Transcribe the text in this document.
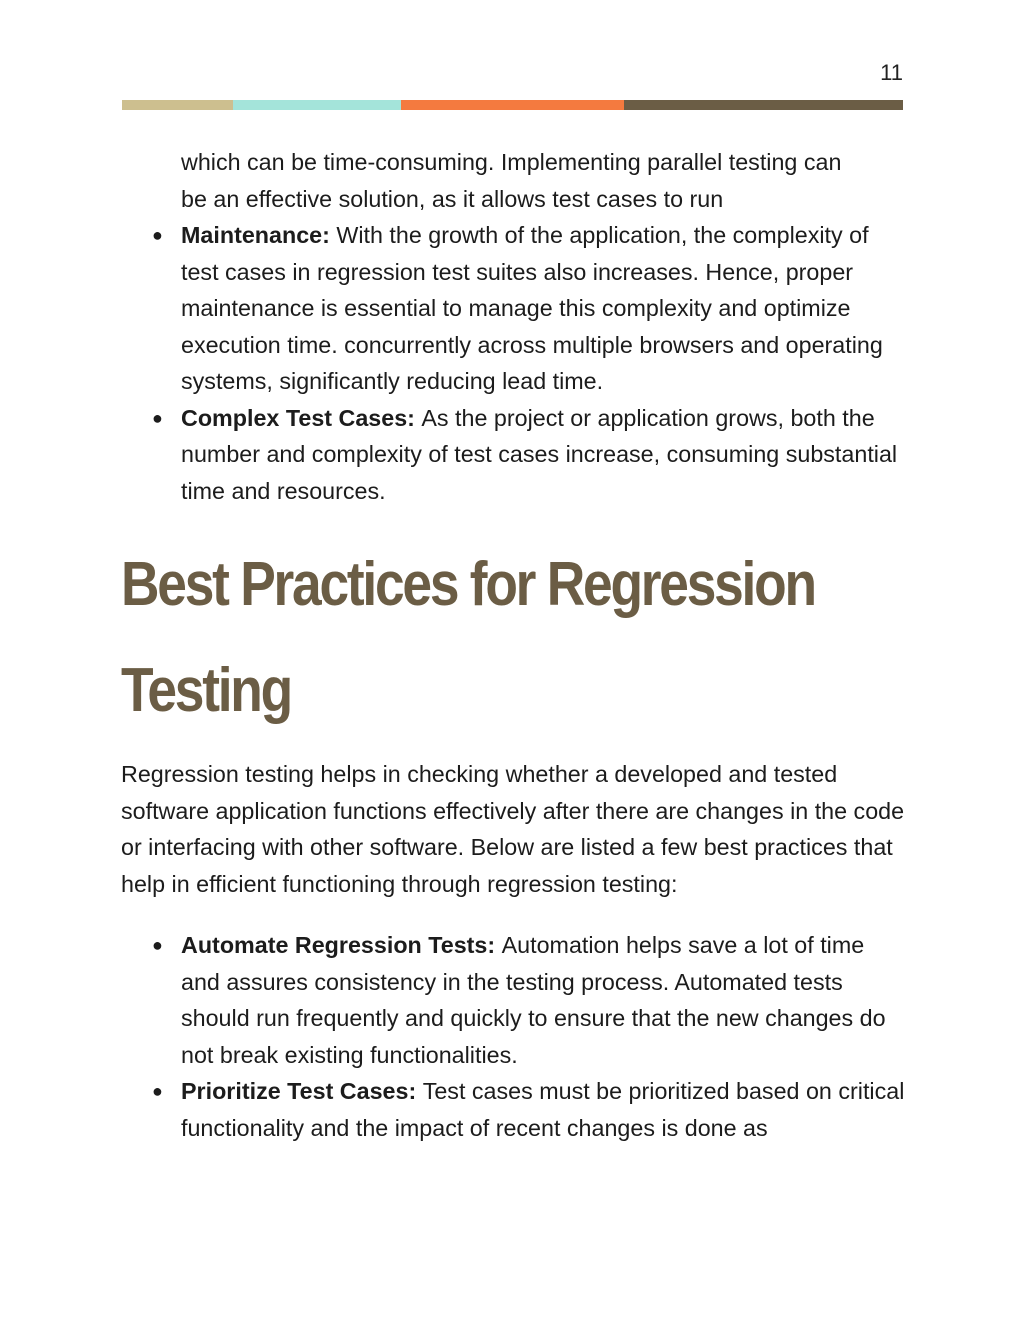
11

which can be time-consuming. Implementing parallel testing can

be an effective solution, as it allows test cases to run

● Maintenance: With the growth of the application, the complexity of test cases in regression test suites also increases. Hence, proper maintenance is essential to manage this complexity and optimize execution time. concurrently across multiple browsers and operating systems, significantly reducing lead time.
● Complex Test Cases: As the project or application grows, both the number and complexity of test cases increase, consuming substantial time and resources.
Best Practices for Regression
Testing

Regression testing helps in checking whether a developed and tested software application functions effectively after there are changes in the code or interfacing with other software. Below are listed a few best practices that help in efficient functioning through regression testing:

● Automate Regression Tests: Automation helps save a lot of time and assures consistency in the testing process. Automated tests should run frequently and quickly to ensure that the new changes do not break existing functionalities.
● Prioritize Test Cases: Test cases must be prioritized based on critical functionality and the impact of recent changes is done as
